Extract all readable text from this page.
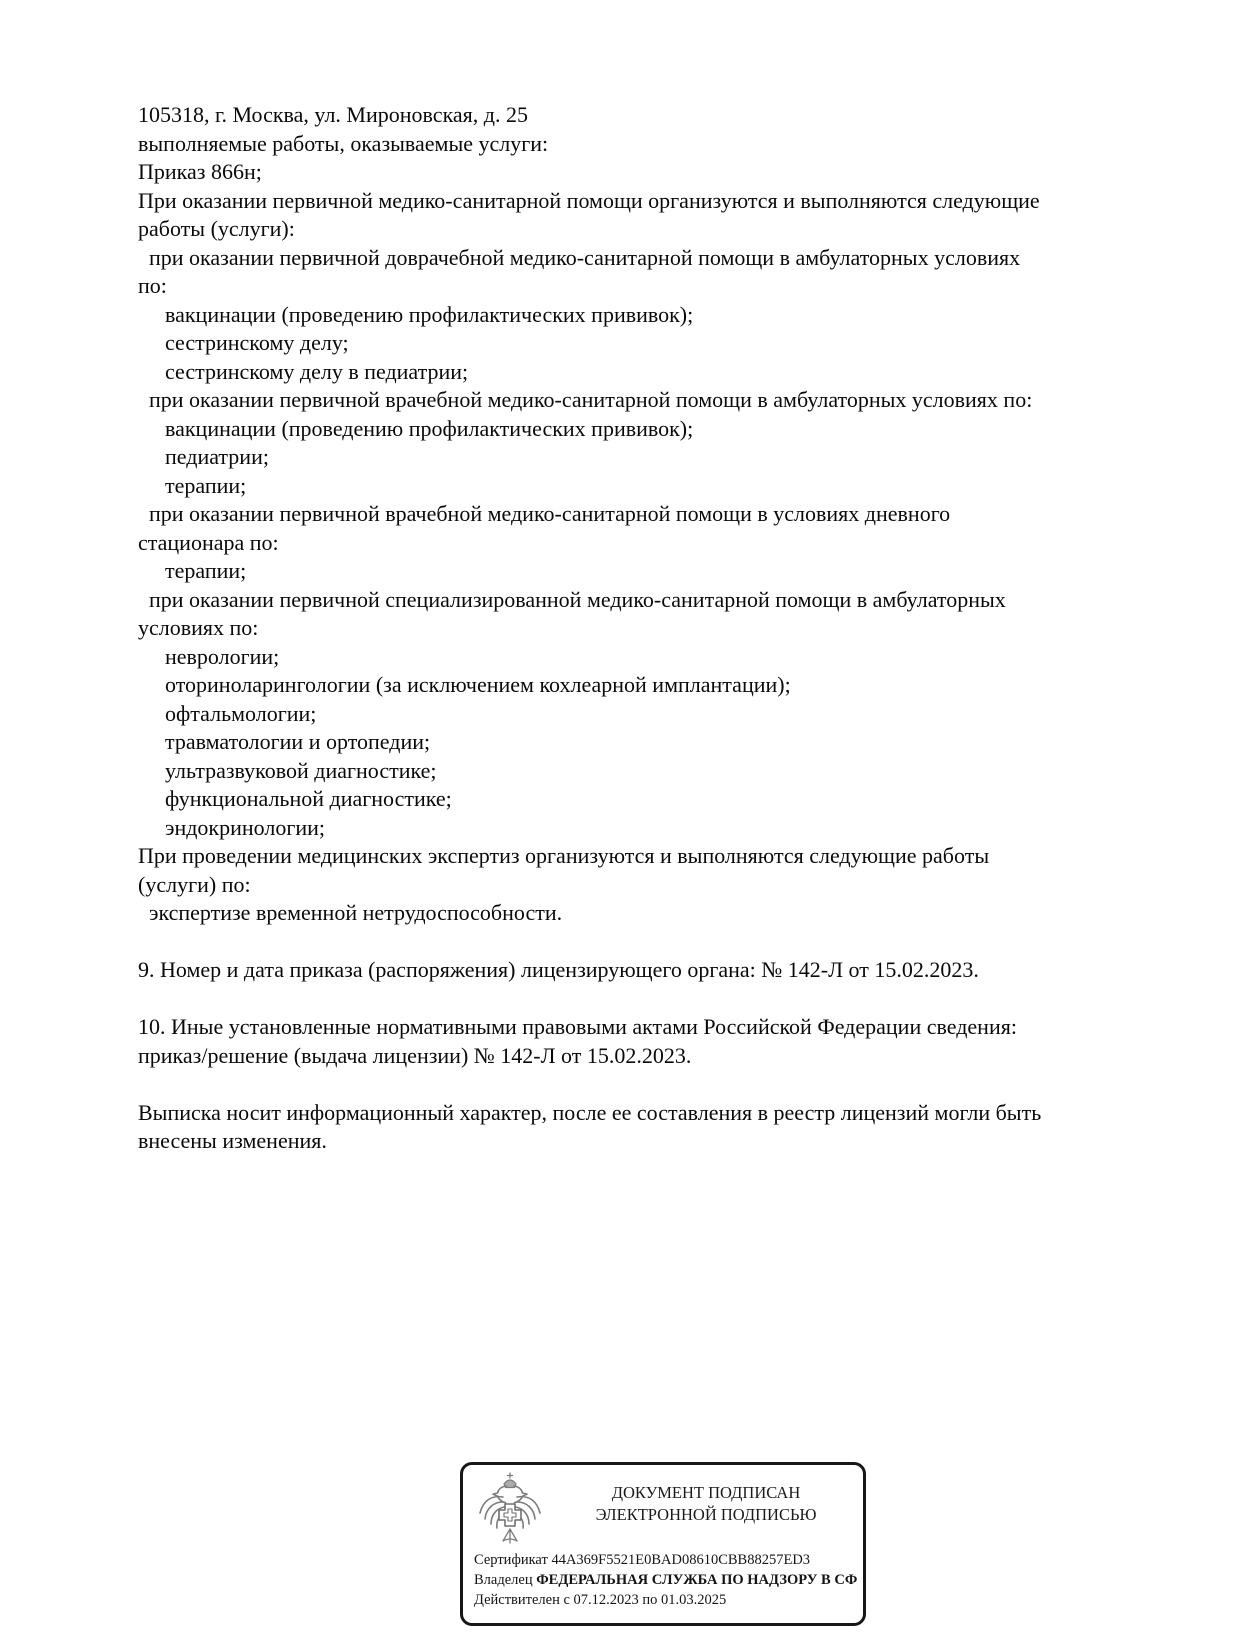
105318, г. Москва, ул. Мироновская, д. 25
выполняемые работы, оказываемые услуги:
Приказ 866н;
При оказании первичной медико-санитарной помощи организуются и выполняются следующие
работы (услуги):
при оказании первичной доврачебной медико-санитарной помощи в амбулаторных условиях
по:
вакцинации (проведению профилактических прививок);
сестринскому делу;
сестринскому делу в педиатрии;
при оказании первичной врачебной медико-санитарной помощи в амбулаторных условиях по:
вакцинации (проведению профилактических прививок);
педиатрии;
терапии;
при оказании первичной врачебной медико-санитарной помощи в условиях дневного
стационара по:
терапии;
при оказании первичной специализированной медико-санитарной помощи в амбулаторных
условиях по:
неврологии;
оториноларингологии (за исключением кохлеарной имплантации);
офтальмологии;
травматологии и ортопедии;
ультразвуковой диагностике;
функциональной диагностике;
эндокринологии;
При проведении медицинских экспертиз организуются и выполняются следующие работы
(услуги) по:
экспертизе временной нетрудоспособности.

9. Номер и дата приказа (распоряжения) лицензирующего органа: № 142-Л от 15.02.2023.

10. Иные установленные нормативными правовыми актами Российской Федерации сведения:
приказ/решение (выдача лицензии) № 142-Л от 15.02.2023.

Выписка носит информационный характер, после ее составления в реестр лицензий могли быть
внесены изменения.
ДОКУМЕНТ ПОДПИСАН
ЭЛЕКТРОННОЙ ПОДПИСЬЮ
Сертификат 44A369F5521E0BAD08610CBB88257ED3
Владелец ФЕДЕРАЛЬНАЯ СЛУЖБА ПО НАДЗОРУ В СФ
Действителен с 07.12.2023 по 01.03.2025
